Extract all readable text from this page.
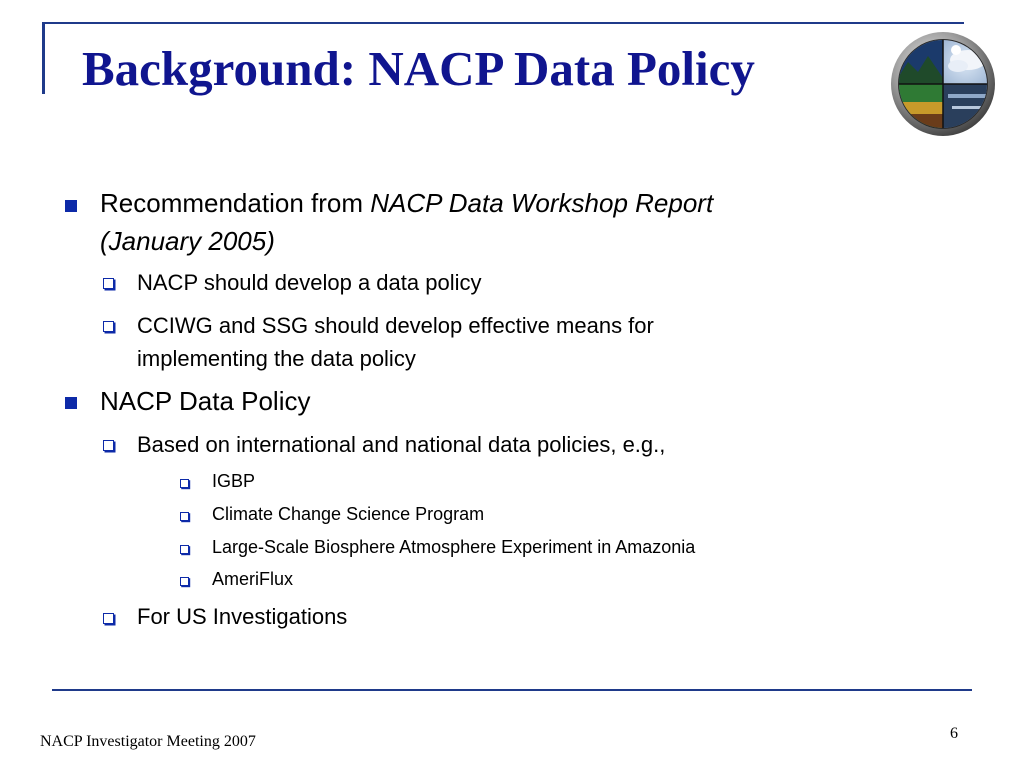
Background: NACP Data Policy
Recommendation from NACP Data Workshop Report
(January 2005)
NACP should develop a data policy
CCIWG and SSG should develop effective means for
implementing the data policy
NACP Data Policy
Based on international and national data policies, e.g.,
IGBP
Climate Change Science Program
Large-Scale Biosphere Atmosphere Experiment in Amazonia
AmeriFlux
For US Investigations
NACP Investigator Meeting 2007	6
